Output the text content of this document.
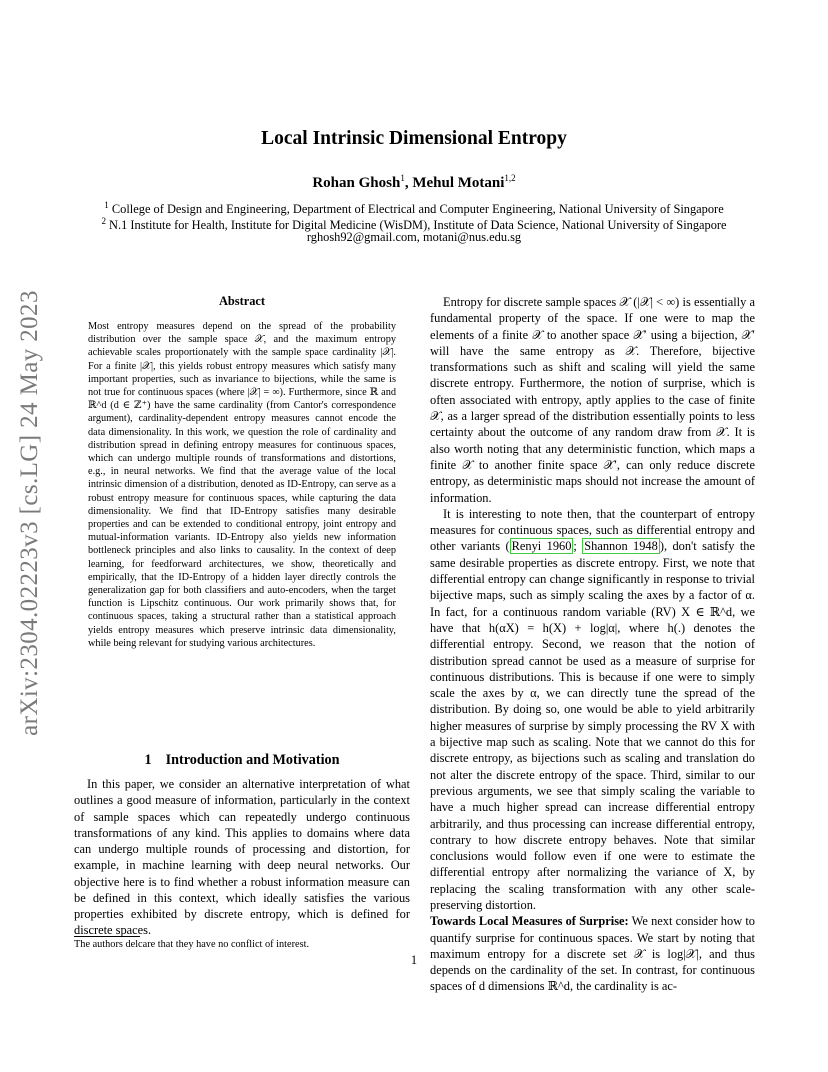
arXiv:2304.02223v3 [cs.LG] 24 May 2023
Local Intrinsic Dimensional Entropy
Rohan Ghosh$^1$, Mehul Motani$^{1,2}$
$^1$ College of Design and Engineering, Department of Electrical and Computer Engineering, National University of Singapore
$^2$ N.1 Institute for Health, Institute for Digital Medicine (WisDM), Institute of Data Science, National University of Singapore
rghosh92@gmail.com, motani@nus.edu.sg
Abstract
Most entropy measures depend on the spread of the probability distribution over the sample space 𝒳, and the maximum entropy achievable scales proportionately with the sample space cardinality |𝒳|. For a finite |𝒳|, this yields robust entropy measures which satisfy many important properties, such as invariance to bijections, while the same is not true for continuous spaces (where |𝒳| = ∞). Furthermore, since ℝ and ℝ^d (d ∈ ℤ⁺) have the same cardinality (from Cantor's correspondence argument), cardinality-dependent entropy measures cannot encode the data dimensionality. In this work, we question the role of cardinality and distribution spread in defining entropy measures for continuous spaces, which can undergo multiple rounds of transformations and distortions, e.g., in neural networks. We find that the average value of the local intrinsic dimension of a distribution, denoted as ID-Entropy, can serve as a robust entropy measure for continuous spaces, while capturing the data dimensionality. We find that ID-Entropy satisfies many desirable properties and can be extended to conditional entropy, joint entropy and mutual-information variants. ID-Entropy also yields new information bottleneck principles and also links to causality. In the context of deep learning, for feedforward architectures, we show, theoretically and empirically, that the ID-Entropy of a hidden layer directly controls the generalization gap for both classifiers and auto-encoders, when the target function is Lipschitz continuous. Our work primarily shows that, for continuous spaces, taking a structural rather than a statistical approach yields entropy measures which preserve intrinsic data dimensionality, while being relevant for studying various architectures.
1 Introduction and Motivation

In this paper, we consider an alternative interpretation of what outlines a good measure of information, particularly in the context of sample spaces which can repeatedly undergo continuous transformations of any kind. This applies to domains where data can undergo multiple rounds of processing and distortion, for example, in machine learning with deep neural networks. Our objective here is to find whether a robust information measure can be defined in this context, which ideally satisfies the various properties exhibited by discrete entropy, which is defined for discrete spaces.

The authors delcare that they have no conflict of interest.

Entropy for discrete sample spaces 𝒳 (|𝒳| < ∞) is essentially a fundamental property of the space. If one were to map the elements of a finite 𝒳 to another space 𝒳′ using a bijection, 𝒳′ will have the same entropy as 𝒳. Therefore, bijective transformations such as shift and scaling will yield the same discrete entropy. Furthermore, the notion of surprise, which is often associated with entropy, aptly applies to the case of finite 𝒳, as a larger spread of the distribution essentially points to less certainty about the outcome of any random draw from 𝒳. It is also worth noting that any deterministic function, which maps a finite 𝒳 to another finite space 𝒳′, can only reduce discrete entropy, as deterministic maps should not increase the amount of information.

It is interesting to note then, that the counterpart of entropy measures for continuous spaces, such as differential entropy and other variants ( Renyi 1960 ; Shannon 1948 ), don't satisfy the same desirable properties as discrete entropy. First, we note that differential entropy can change significantly in response to trivial bijective maps, such as simply scaling the axes by a factor of α. In fact, for a continuous random variable (RV) X ∈ ℝ^d, we have that h(αX) = h(X) + log|α|, where h(.) denotes the differential entropy. Second, we reason that the notion of distribution spread cannot be used as a measure of surprise for continuous distributions. This is because if one were to simply scale the axes by α, we can directly tune the spread of the distribution. By doing so, one would be able to yield arbitrarily higher measures of surprise by simply processing the RV X with a bijective map such as scaling. Note that we cannot do this for discrete entropy, as bijections such as scaling and translation do not alter the discrete entropy of the space. Third, similar to our previous arguments, we see that simply scaling the variable to have a much higher spread can increase differential entropy arbitrarily, and thus processing can increase differential entropy, contrary to how discrete entropy behaves. Note that similar conclusions would follow even if one were to estimate the differential entropy after normalizing the variance of X, by replacing the scaling transformation with any other scale-preserving distortion.

Towards Local Measures of Surprise: We next consider how to quantify surprise for continuous spaces. We start by noting that maximum entropy for a discrete set 𝒳 is log|𝒳|, and thus depends on the cardinality of the set. In contrast, for continuous spaces of d dimensions ℝ^d, the cardinality is ac-

1
